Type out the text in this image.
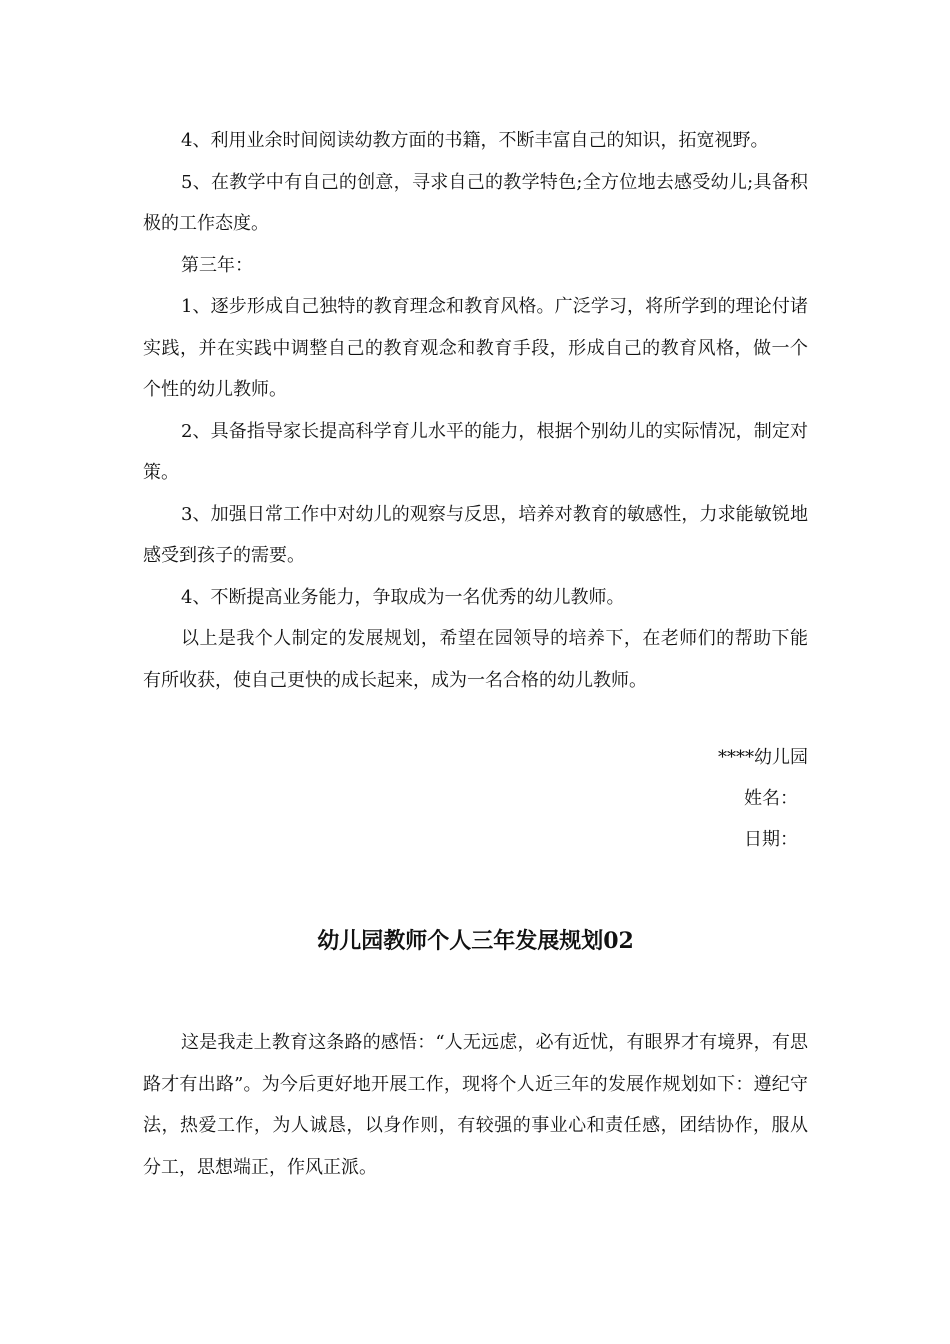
4、利用业余时间阅读幼教方面的书籍，不断丰富自己的知识，拓宽视野。

5、在教学中有自己的创意，寻求自己的教学特色;全方位地去感受幼儿;具备积极的工作态度。

第三年：

1、逐步形成自己独特的教育理念和教育风格。广泛学习，将所学到的理论付诸实践，并在实践中调整自己的教育观念和教育手段，形成自己的教育风格，做一个个性的幼儿教师。

2、具备指导家长提高科学育儿水平的能力，根据个别幼儿的实际情况，制定对策。

3、加强日常工作中对幼儿的观察与反思，培养对教育的敏感性，力求能敏锐地感受到孩子的需要。

4、不断提高业务能力，争取成为一名优秀的幼儿教师。

以上是我个人制定的发展规划，希望在园领导的培养下，在老师们的帮助下能有所收获，使自己更快的成长起来，成为一名合格的幼儿教师。

****幼儿园

姓名：

日期：

幼儿园教师个人三年发展规划02

这是我走上教育这条路的感悟：“人无远虑，必有近忧，有眼界才有境界，有思路才有出路”。为今后更好地开展工作，现将个人近三年的发展作规划如下：遵纪守法，热爱工作，为人诚恳，以身作则，有较强的事业心和责任感，团结协作，服从分工，思想端正，作风正派。
